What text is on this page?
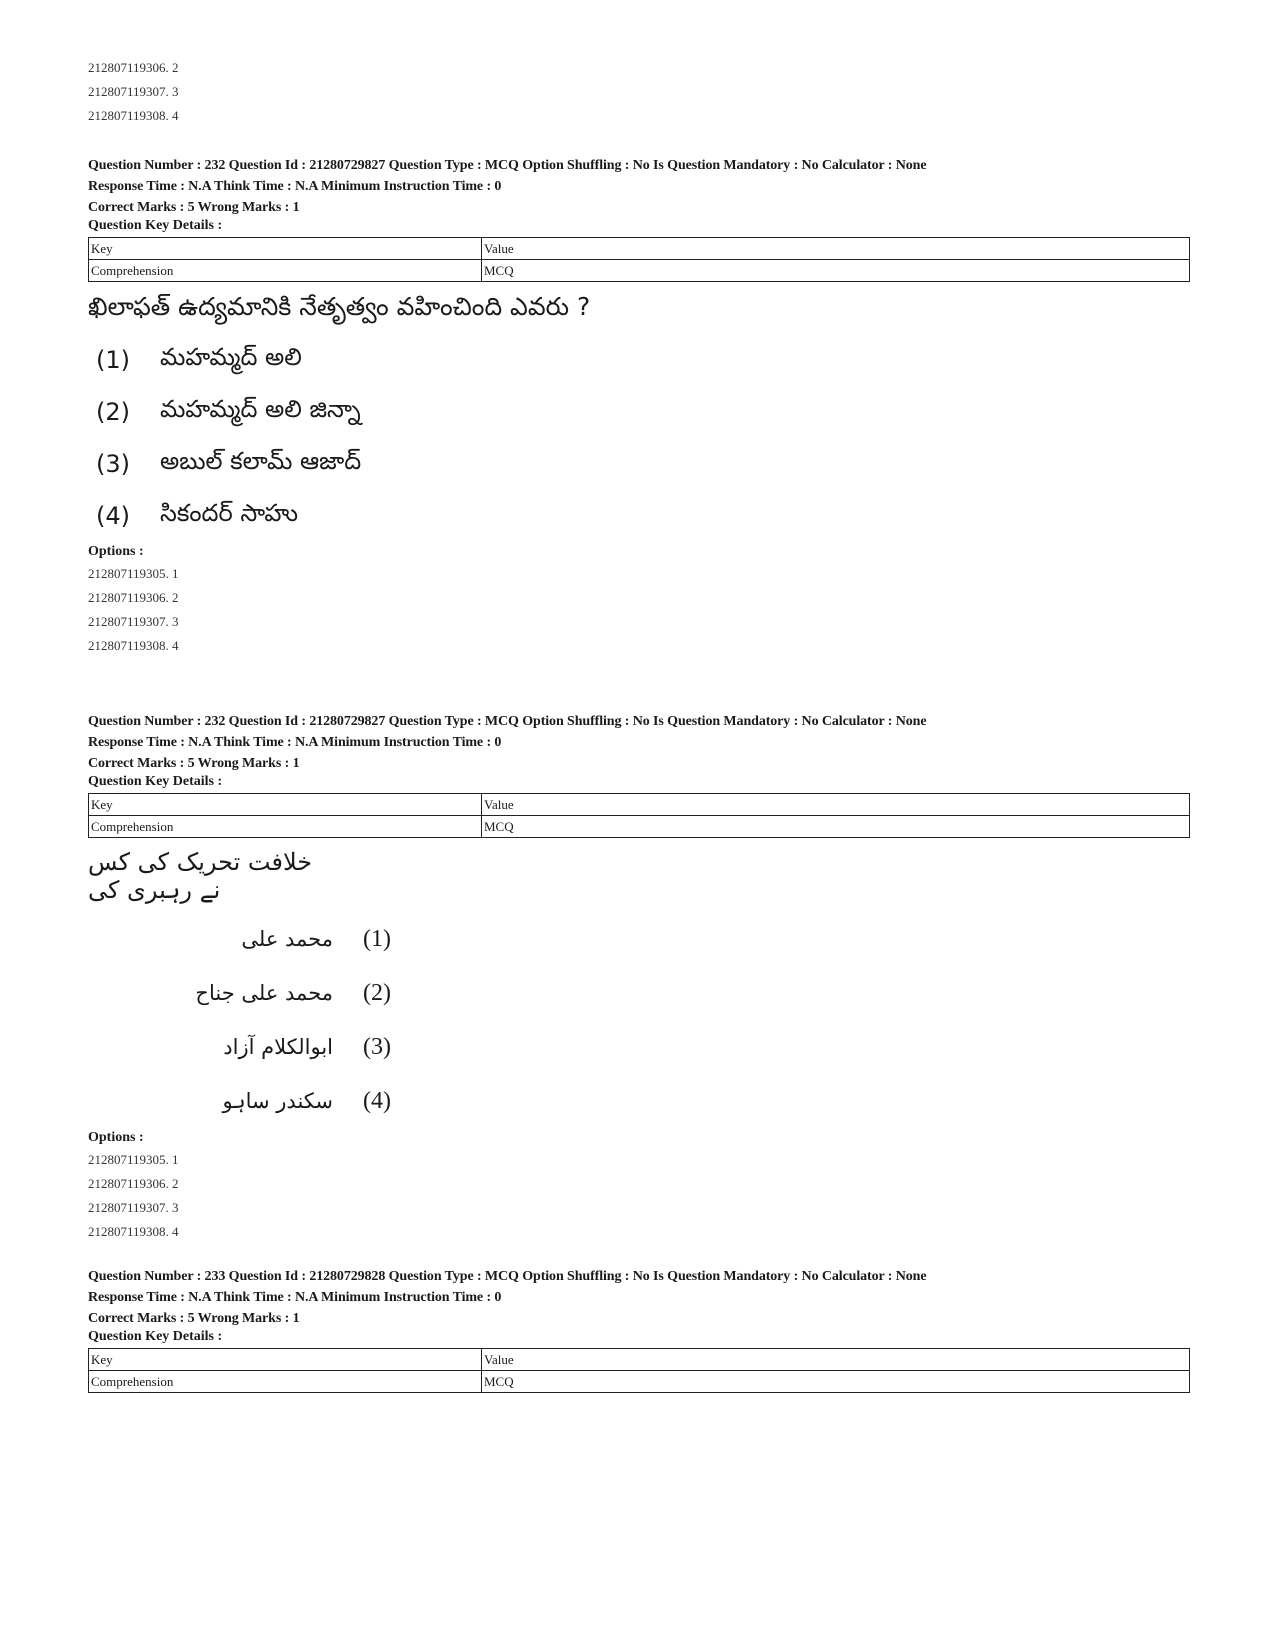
212807119306. 2
212807119307. 3
212807119308. 4
Question Number : 232 Question Id : 21280729827 Question Type : MCQ Option Shuffling : No Is Question Mandatory : No Calculator : None
Response Time : N.A Think Time : N.A Minimum Instruction Time : 0
Correct Marks : 5 Wrong Marks : 1
Question Key Details :
Key	Value
Comprehension	MCQ
ఖిలాఫత్ ఉద్యమానికి నేతృత్వం వహించింది ఎవరు ?
(1)	మహమ్మద్ అలి
(2)	మహమ్మద్ అలి జిన్నా
(3)	అబుల్ కలామ్ ఆజాద్
(4)	సికందర్ సాహు
Options :
212807119305. 1
212807119306. 2
212807119307. 3
212807119308. 4
Question Number : 232 Question Id : 21280729827 Question Type : MCQ Option Shuffling : No Is Question Mandatory : No Calculator : None
Response Time : N.A Think Time : N.A Minimum Instruction Time : 0
Correct Marks : 5 Wrong Marks : 1
Question Key Details :
Key	Value
Comprehension	MCQ
خلافت تحریک کی کس نے رہبری کی
محمد علی (1)
محمد علی جناح (2)
ابوالکلام آزاد (3)
سکندر ساہو (4)
Options :
212807119305. 1
212807119306. 2
212807119307. 3
212807119308. 4
Question Number : 233 Question Id : 21280729828 Question Type : MCQ Option Shuffling : No Is Question Mandatory : No Calculator : None
Response Time : N.A Think Time : N.A Minimum Instruction Time : 0
Correct Marks : 5 Wrong Marks : 1
Question Key Details :
Key	Value
Comprehension	MCQ
